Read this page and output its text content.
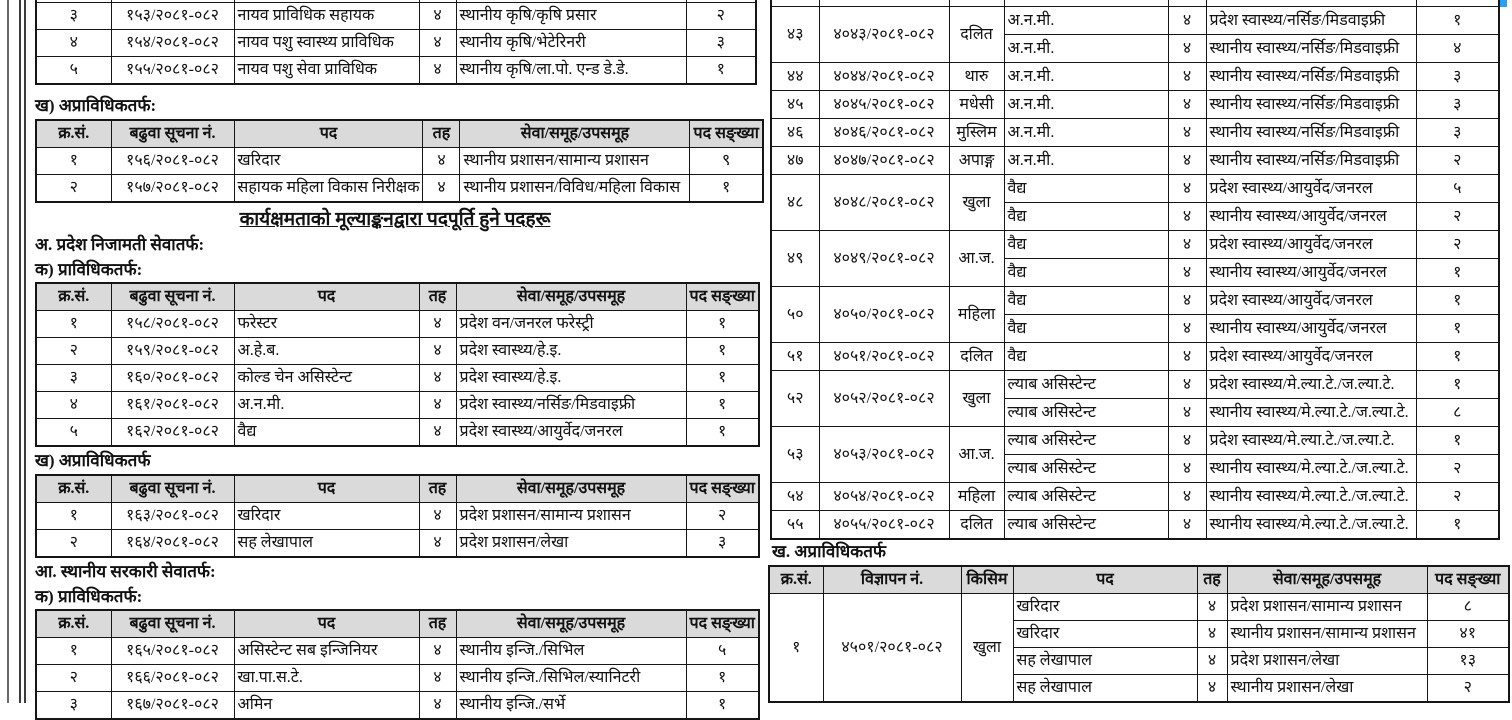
३	१५३/२०८१-०८२	नायव प्राविधिक सहायक	४	स्थानीय कृषि/कृषि प्रसार	२
४	१५४/२०८१-०८२	नायव पशु स्वास्थ्य प्राविधिक	४	स्थानीय कृषि/भेटेरिनरी	३
५	१५५/२०८१-०८२	नायव पशु सेवा प्राविधिक	४	स्थानीय कृषि/ला.पो. एन्ड डे.डे.	१
ख) अप्राविधिकतर्फ:
क्र.सं.	बढुवा सूचना नं.	पद	तह	सेवा/समूह/उपसमूह	पद सङ्ख्या
१	१५६/२०८१-०८२	खरिदार	४	स्थानीय प्रशासन/सामान्य प्रशासन	९
२	१५७/२०८१-०८२	सहायक महिला विकास निरीक्षक	४	स्थानीय प्रशासन/विविध/महिला विकास	१
कार्यक्षमताको मूल्याङ्कनद्वारा पदपूर्ति हुने पदहरू
अ. प्रदेश निजामती सेवातर्फ:
क) प्राविधिकतर्फ:
क्र.सं.	बढुवा सूचना नं.	पद	तह	सेवा/समूह/उपसमूह	पद सङ्ख्या
१	१५८/२०८१-०८२	फरेस्टर	४	प्रदेश वन/जनरल फरेस्ट्री	१
२	१५९/२०८१-०८२	अ.हे.ब.	४	प्रदेश स्वास्थ्य/हे.इ.	१
३	१६०/२०८१-०८२	कोल्ड चेन असिस्टेन्ट	४	प्रदेश स्वास्थ्य/हे.इ.	१
४	१६१/२०८१-०८२	अ.न.मी.	४	प्रदेश स्वास्थ्य/नर्सिङ/मिडवाइफ्री	१
५	१६२/२०८१-०८२	वैद्य	४	प्रदेश स्वास्थ्य/आयुर्वेद/जनरल	१
ख) अप्राविधिकतर्फ
क्र.सं.	बढुवा सूचना नं.	पद	तह	सेवा/समूह/उपसमूह	पद सङ्ख्या
१	१६३/२०८१-०८२	खरिदार	४	प्रदेश प्रशासन/सामान्य प्रशासन	२
२	१६४/२०८१-०८२	सह लेखापाल	४	प्रदेश प्रशासन/लेखा	३
आ. स्थानीय सरकारी सेवातर्फ:
क) प्राविधिकतर्फ:
क्र.सं.	बढुवा सूचना नं.	पद	तह	सेवा/समूह/उपसमूह	पद सङ्ख्या
१	१६५/२०८१-०८२	असिस्टेन्ट सब इन्जिनियर	४	स्थानीय इन्जि./सिभिल	५
२	१६६/२०८१-०८२	खा.पा.स.टे.	४	स्थानीय इन्जि./सिभिल/स्यानिटरी	१
३	१६७/२०८१-०८२	अमिन	४	स्थानीय इन्जि./सर्भे	१

४३	४०४३/२०८१-०८२	दलित	अ.न.मी.	४	प्रदेश स्वास्थ्य/नर्सिङ/मिडवाइफ्री	१
			अ.न.मी.	४	स्थानीय स्वास्थ्य/नर्सिङ/मिडवाइफ्री	४
४४	४०४४/२०८१-०८२	थारु	अ.न.मी.	४	स्थानीय स्वास्थ्य/नर्सिङ/मिडवाइफ्री	३
४५	४०४५/२०८१-०८२	मधेसी	अ.न.मी.	४	स्थानीय स्वास्थ्य/नर्सिङ/मिडवाइफ्री	३
४६	४०४६/२०८१-०८२	मुस्लिम	अ.न.मी.	४	स्थानीय स्वास्थ्य/नर्सिङ/मिडवाइफ्री	३
४७	४०४७/२०८१-०८२	अपाङ्ग	अ.न.मी.	४	स्थानीय स्वास्थ्य/नर्सिङ/मिडवाइफ्री	२
४८	४०४८/२०८१-०८२	खुला	वैद्य	४	प्रदेश स्वास्थ्य/आयुर्वेद/जनरल	५
			वैद्य	४	स्थानीय स्वास्थ्य/आयुर्वेद/जनरल	२
४९	४०४९/२०८१-०८२	आ.ज.	वैद्य	४	प्रदेश स्वास्थ्य/आयुर्वेद/जनरल	२
			वैद्य	४	स्थानीय स्वास्थ्य/आयुर्वेद/जनरल	१
५०	४०५०/२०८१-०८२	महिला	वैद्य	४	प्रदेश स्वास्थ्य/आयुर्वेद/जनरल	१
			वैद्य	४	स्थानीय स्वास्थ्य/आयुर्वेद/जनरल	१
५१	४०५१/२०८१-०८२	दलित	वैद्य	४	प्रदेश स्वास्थ्य/आयुर्वेद/जनरल	१
५२	४०५२/२०८१-०८२	खुला	ल्याब असिस्टेन्ट	४	प्रदेश स्वास्थ्य/मे.ल्या.टे./ज.ल्या.टे.	१
			ल्याब असिस्टेन्ट	४	स्थानीय स्वास्थ्य/मे.ल्या.टे./ज.ल्या.टे.	८
५३	४०५३/२०८१-०८२	आ.ज.	ल्याब असिस्टेन्ट	४	प्रदेश स्वास्थ्य/मे.ल्या.टे./ज.ल्या.टे.	१
			ल्याब असिस्टेन्ट	४	स्थानीय स्वास्थ्य/मे.ल्या.टे./ज.ल्या.टे.	२
५४	४०५४/२०८१-०८२	महिला	ल्याब असिस्टेन्ट	४	स्थानीय स्वास्थ्य/मे.ल्या.टे./ज.ल्या.टे.	२
५५	४०५५/२०८१-०८२	दलित	ल्याब असिस्टेन्ट	४	स्थानीय स्वास्थ्य/मे.ल्या.टे./ज.ल्या.टे.	१
ख. अप्राविधिकतर्फ
क्र.सं.	विज्ञापन नं.	किसिम	पद	तह	सेवा/समूह/उपसमूह	पद सङ्ख्या
१	४५०१/२०८१-०८२	खुला	खरिदार	४	प्रदेश प्रशासन/सामान्य प्रशासन	८
			खरिदार	४	स्थानीय प्रशासन/सामान्य प्रशासन	४१
			सह लेखापाल	४	प्रदेश प्रशासन/लेखा	१३
			सह लेखापाल	४	स्थानीय प्रशासन/लेखा	२
